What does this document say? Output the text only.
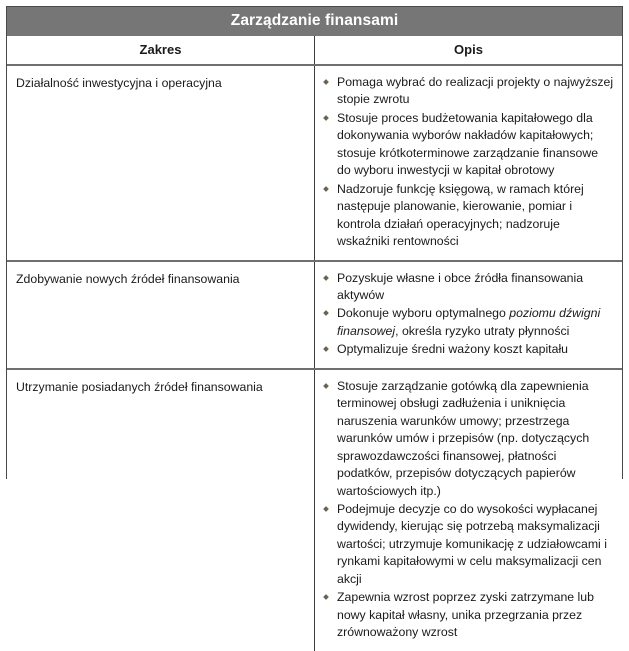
Zarządzanie finansami	
Zakres	Opis

Działalność inwestycyjna i operacyjna	Pomaga wybrać do realizacji projekty o najwyższej stopie zwrotu
Stosuje proces budżetowania kapitałowego dla dokonywania wyborów nakładów kapitałowych; stosuje krótkoterminowe zarządzanie finansowe do wyboru inwestycji w kapitał obrotowy
Nadzoruje funkcję księgową, w ramach której następuje planowanie, kierowanie, pomiar i kontrola działań operacyjnych; nadzoruje wskaźniki rentowności

Zdobywanie nowych źródeł finansowania	Pozyskuje własne i obce źródła finansowania aktywów
Dokonuje wyboru optymalnego poziomu dźwigni finansowej, określa ryzyko utraty płynności
Optymalizuje średni ważony koszt kapitału

Utrzymanie posiadanych źródeł finansowania	Stosuje zarządzanie gotówką dla zapewnienia terminowej obsługi zadłużenia i uniknięcia naruszenia warunków umowy; przestrzega warunków umów i przepisów (np. dotyczących sprawozdawczości finansowej, płatności podatków, przepisów dotyczących papierów wartościowych itp.)
Podejmuje decyzje co do wysokości wypłacanej dywidendy, kierując się potrzebą maksymalizacji wartości; utrzymuje komunikację z udziałowcami i rynkami kapitałowymi w celu maksymalizacji cen akcji
Zapewnia wzrost poprzez zyski zatrzymane lub nowy kapitał własny, unika przegrzania przez zrównoważony wzrost
